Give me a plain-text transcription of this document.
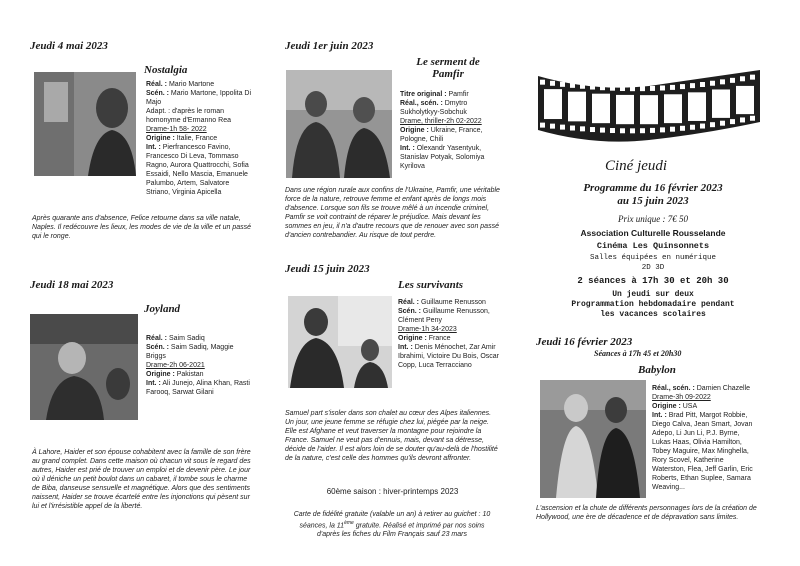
Jeudi 4 mai 2023
Nostalgia
Réal. : Mario Martone
Scén. : Mario Martone, Ippolita Di Majo
Adapt. : d'après le roman homonyme d'Ermanno Rea
Drame-1h 58- 2022
Origine : Italie, France
Int. : Pierfrancesco Favino, Francesco Di Leva, Tommaso Ragno, Aurora Quattrocchi, Sofia Essaidi, Nello Mascia, Emanuele Palumbo, Artem, Salvatore Striano, Virginia Apicella
Après quarante ans d'absence, Felice retourne dans sa ville natale, Naples. Il redécouvre les lieux, les modes de vie de la ville et un passé qui le ronge.
Jeudi 18 mai 2023
Joyland
Réal. : Saim Sadiq
Scén. : Saim Sadiq, Maggie Briggs
Drame-2h 06-2021
Origine : Pakistan
Int. : Ali Junejo, Alina Khan, Rasti Farooq, Sarwat Gilani
À Lahore, Haider et son épouse cohabitent avec la famille de son frère au grand complet. Dans cette maison où chacun vit sous le regard des autres, Haider est prié de trouver un emploi et de devenir père. Le jour où il déniche un petit boulot dans un cabaret, il tombe sous le charme de Biba, danseuse sensuelle et magnétique. Alors que des sentiments naissent, Haider se trouve écartelé entre les injonctions qui pèsent sur lui et l'irrésistible appel de la liberté.
Jeudi 1er juin 2023
Le serment de
Pamfir
Titre original : Pamfir
Réal., scén. : Dmytro Sukholytkyy-Sobchuk
Drame, thriller-2h 02-2022
Origine : Ukraine, France, Pologne, Chili
Int. : Olexandr Yasentyuk, Stanislav Potyak, Solomiya Kyrilova
Dans une région rurale aux confins de l'Ukraine, Pamfir, une véritable force de la nature, retrouve femme et enfant après de longs mois d'absence. Lorsque son fils se trouve mêlé à un incendie criminel, Pamfir se voit contraint de réparer le préjudice. Mais devant les sommes en jeu, il n'a d'autre recours que de renouer avec son passé d'ancien contrebandier. Au risque de tout perdre.
Jeudi 15 juin 2023
Les survivants
Réal. : Guillaume Renusson
Scén. : Guillaume Renusson, Clément Peny
Drame-1h 34-2023
Origine : France
Int. : Denis Ménochet, Zar Amir Ibrahimi, Victoire Du Bois, Oscar Copp, Luca Terracciano
Samuel part s'isoler dans son chalet au cœur des Alpes italiennes. Un jour, une jeune femme se réfugie chez lui, piégée par la neige. Elle est Afghane et veut traverser la montagne pour rejoindre la France. Samuel ne veut pas d'ennuis, mais, devant sa détresse, décide de l'aider. Il est alors loin de se douter qu'au-delà de l'hostilité de la nature, c'est celle des hommes qu'ils devront affronter.
60ème saison : hiver-printemps 2023
Carte de fidélité gratuite (valable un an) à retirer au guichet : 10
séances, la 11ème gratuite. Réalisé et imprimé par nos soins
d'après les fiches du Film Français sauf 23 mars
Ciné jeudi
Programme du 16 février 2023
au 15 juin 2023
Prix unique : 7€ 50
Association Culturelle Rousselande
Cinéma Les Quinsonnets
Salles équipées en numérique
2D 3D
2 séances à 17h 30 et 20h 30
Un jeudi sur deux
Programmation hebdomadaire pendant
les vacances scolaires
Jeudi 16 février 2023
Séances à 17h 45 et 20h30
Babylon
Réal., scén. : Damien Chazelle
Drame-3h 09-2022
Origine : USA
Int. : Brad Pitt, Margot Robbie, Diego Calva, Jean Smart, Jovan Adepo, Li Jun Li, P.J. Byrne, Lukas Haas, Olivia Hamilton, Tobey Maguire, Max Minghella, Rory Scovel, Katherine Waterston, Flea, Jeff Garlin, Eric Roberts, Ethan Suplee, Samara Weaving...
L'ascension et la chute de différents personnages lors de la création de Hollywood, une ère de décadence et de dépravation sans limites.
